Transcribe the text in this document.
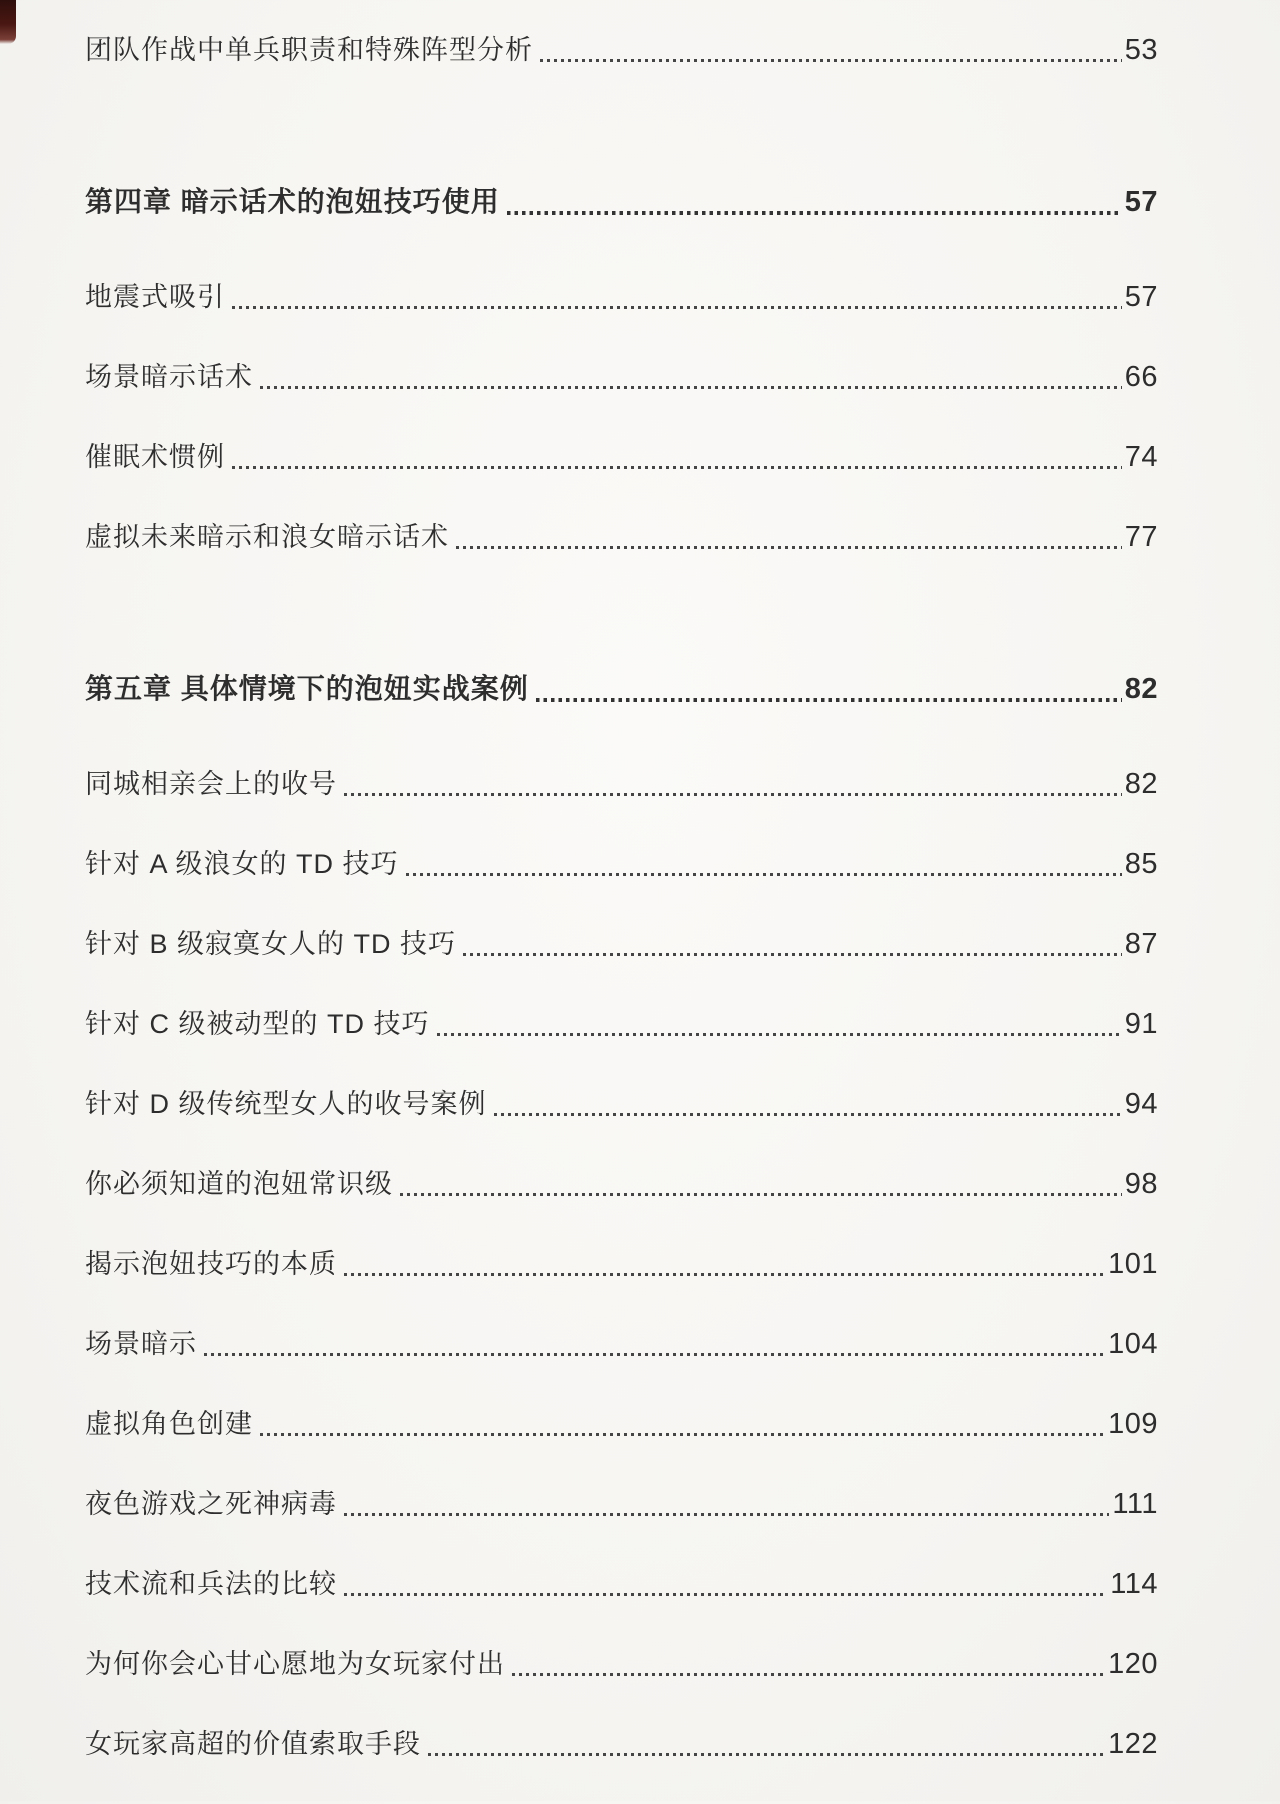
团队作战中单兵职责和特殊阵型分析	53
第四章 暗示话术的泡妞技巧使用	57
地震式吸引	57
场景暗示话术	66
催眠术惯例	74
虚拟未来暗示和浪女暗示话术	77
第五章 具体情境下的泡妞实战案例	82
同城相亲会上的收号	82
针对 A 级浪女的 TD 技巧	85
针对 B 级寂寞女人的 TD 技巧	87
针对 C 级被动型的 TD 技巧	91
针对 D 级传统型女人的收号案例	94
你必须知道的泡妞常识级	98
揭示泡妞技巧的本质	101
场景暗示	104
虚拟角色创建	109
夜色游戏之死神病毒	111
技术流和兵法的比较	114
为何你会心甘心愿地为女玩家付出	120
女玩家高超的价值索取手段	122
